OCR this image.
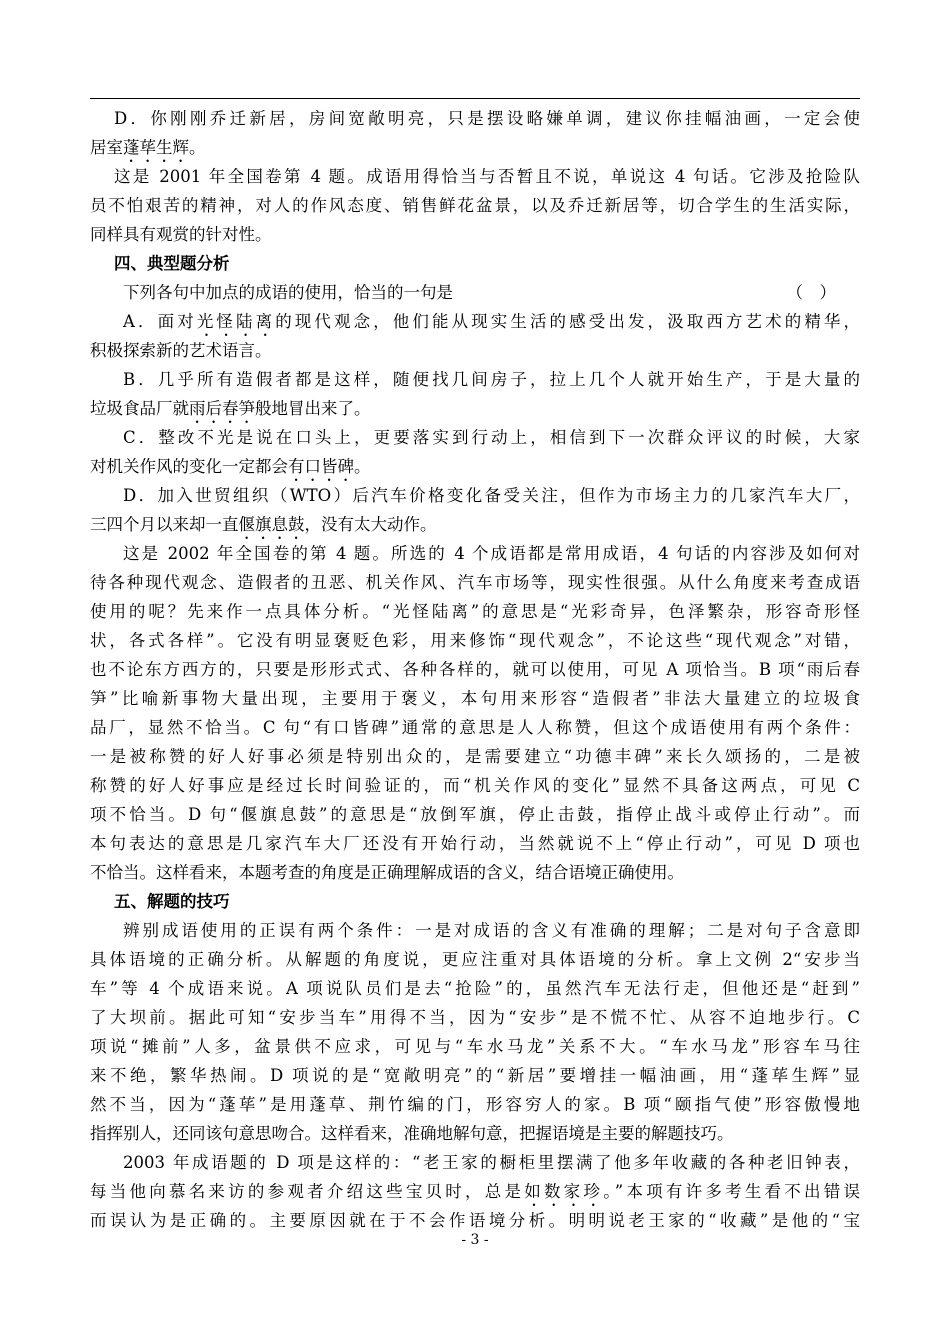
D．你刚刚乔迁新居，房间宽敞明亮，只是摆设略嫌单调，建议你挂幅油画，一定会使
居室蓬荜生辉。
这是 2001 年全国卷第 4 题。成语用得恰当与否暂且不说，单说这 4 句话。它涉及抢险队
员不怕艰苦的精神，对人的作风态度、销售鲜花盆景，以及乔迁新居等，切合学生的生活实际，
同样具有观赏的针对性。
四、典型题分析
下列各句中加点的成语的使用，恰当的一句是	（　）
A．面对光怪陆离的现代观念，他们能从现实生活的感受出发，汲取西方艺术的精华，
积极探索新的艺术语言。
B．几乎所有造假者都是这样，随便找几间房子，拉上几个人就开始生产，于是大量的
垃圾食品厂就雨后春笋般地冒出来了。
C．整改不光是说在口头上，更要落实到行动上，相信到下一次群众评议的时候，大家
对机关作风的变化一定都会有口皆碑。
D．加入世贸组织（WTO）后汽车价格变化备受关注，但作为市场主力的几家汽车大厂，
三四个月以来却一直偃旗息鼓，没有太大动作。
这是 2002 年全国卷的第 4 题。所选的 4 个成语都是常用成语，4 句话的内容涉及如何对
待各种现代观念、造假者的丑恶、机关作风、汽车市场等，现实性很强。从什么角度来考查成语
使用的呢？先来作一点具体分析。“光怪陆离”的意思是“光彩奇异，色泽繁杂，形容奇形怪
状，各式各样”。它没有明显褒贬色彩，用来修饰“现代观念”，不论这些“现代观念”对错，
也不论东方西方的，只要是形形式式、各种各样的，就可以使用，可见 A 项恰当。B 项“雨后春
笋”比喻新事物大量出现，主要用于褒义，本句用来形容“造假者”非法大量建立的垃圾食
品厂，显然不恰当。C 句“有口皆碑”通常的意思是人人称赞，但这个成语使用有两个条件：
一是被称赞的好人好事必须是特别出众的，是需要建立“功德丰碑”来长久颂扬的，二是被
称赞的好人好事应是经过长时间验证的，而“机关作风的变化”显然不具备这两点，可见 C
项不恰当。D 句“偃旗息鼓”的意思是“放倒军旗，停止击鼓，指停止战斗或停止行动”。而
本句表达的意思是几家汽车大厂还没有开始行动，当然就说不上“停止行动”，可见 D 项也
不恰当。这样看来，本题考查的角度是正确理解成语的含义，结合语境正确使用。
五、解题的技巧
辨别成语使用的正误有两个条件：一是对成语的含义有准确的理解；二是对句子含意即
具体语境的正确分析。从解题的角度说，更应注重对具体语境的分析。拿上文例 2“安步当
车”等 4 个成语来说。A 项说队员们是去“抢险”的，虽然汽车无法行走，但他还是“赶到”
了大坝前。据此可知“安步当车”用得不当，因为“安步”是不慌不忙、从容不迫地步行。C
项说“摊前”人多，盆景供不应求，可见与“车水马龙”关系不大。“车水马龙”形容车马往
来不绝，繁华热闹。D 项说的是“宽敞明亮”的“新居”要增挂一幅油画，用“蓬荜生辉”显
然不当，因为“蓬荜”是用蓬草、荆竹编的门，形容穷人的家。B 项“颐指气使”形容傲慢地
指挥别人，还同该句意思吻合。这样看来，准确地解句意，把握语境是主要的解题技巧。
2003 年成语题的 D 项是这样的：“老王家的橱柜里摆满了他多年收藏的各种老旧钟表，
每当他向慕名来访的参观者介绍这些宝贝时，总是如数家珍。”本项有许多考生看不出错误
而误认为是正确的。主要原因就在于不会作语境分析。明明说老王家的“收藏”是他的“宝
- 3 -
